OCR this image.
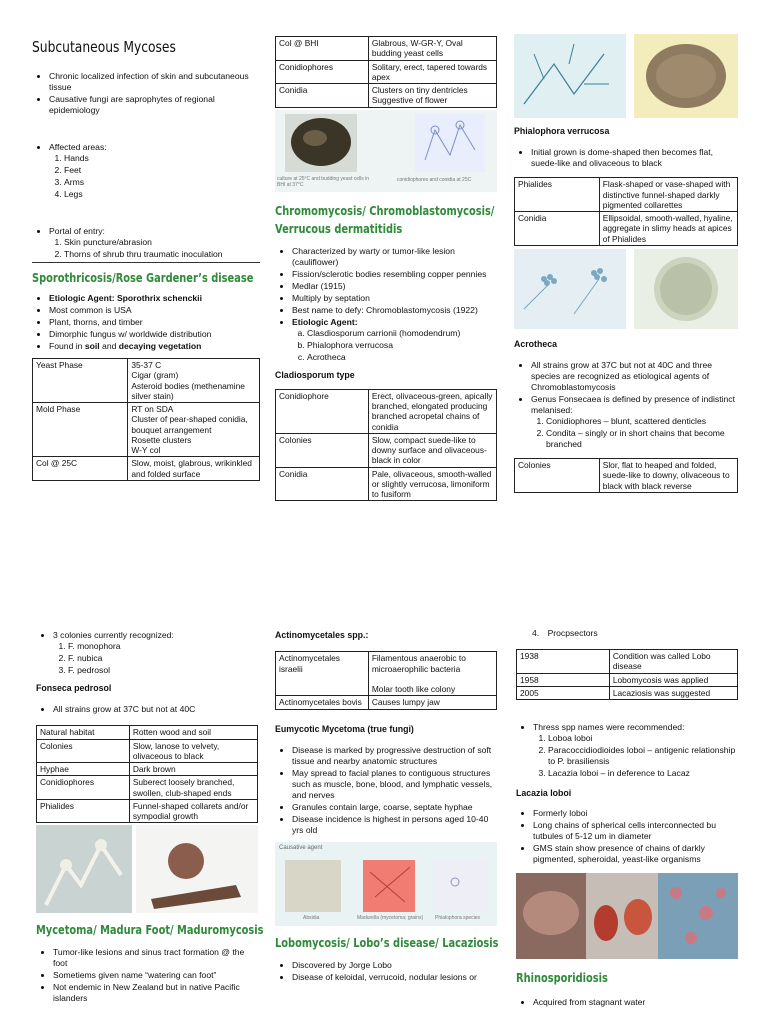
Subcutaneous Mycoses
• Chronic localized infection of skin and subcutaneous tissue
• Causative fungi are saprophytes of regional epidemiology
• Affected areas:
1. Hands
2. Feet
3. Arms
4. Legs
• Portal of entry:
1. Skin puncture/abrasion
2. Thorns of shrub thru traumatic inoculation
Sporothricosis/Rose Gardener’s disease
• Etiologic Agent: Sporothrix schenckii
• Most common is USA
• Plant, thorns, and timber
• Dimorphic fungus w/ worldwide distribution
• Found in soil and decaying vegetation
Yeast Phase	35-37 C
Cigar (gram)
Asteroid bodies (methenamine silver stain)
Mold Phase	RT on SDA
Cluster of pear-shaped conidia, bouquet arrangement
Rosette clusters
W-Y col
Col @ 25C	Slow, moist, glabrous, wrikinkled and folded surface
Col @ BHI	Glabrous, W-GR-Y, Oval budding yeast cells
Conidiophores	Solitary, erect, tapered towards apex
Conidia	Clusters on tiny dentricles
Suggestive of flower
culture at 25°C and budding yeast cells in BHI at 37°C
conidiophores and conidia at 25C
Chromomycosis/ Chromoblastomycosis/
Verrucous dermatitidis
• Characterized by warty or tumor-like lesion (cauliflower)
• Fission/sclerotic bodies resembling copper pennies
• Medlar (1915)
• Multiply by septation
• Best name to defy: Chromoblastomycosis (1922)
• Etiologic Agent:
a. Clasdiosporum carrionii (homodendrum)
b. Phialophora verrucosa
c. Acrotheca

Cladiosporum type

Conidiophore	Erect, olivaceous-green, apically branched, elongated producing branched acropetal chains of conidia
Colonies	Slow, compact suede-like to downy surface and olivaceous-black in color
Conidia	Pale, olivaceous, smooth-walled or slightly verrucosa, limoniform to fusiform

Phialophora verrucosa

• Initial grown is dome-shaped then becomes flat, suede-like and olivaceous to black
Phialides	Flask-shaped or vase-shaped with distinctive funnel-shaped darkly pigmented collarettes
Conidia	Ellipsoidal, smooth-walled, hyaline, aggregate in slimy heads at apices of Phialides

Acrotheca

• All strains grow at 37C but not at 40C and three species are recognized as etiological agents of Chromoblastomycosis
• Genus Fonsecaea is defined by presence of indistinct melanised:
1. Conidiophores – blunt, scattered denticles
2. Condita – singly or in short chains that become branched
Colonies	Slor, flat to heaped and folded, suede-like to downy, olivaceous to black with black reverse
• 3 colonies currently recognized:
1. F. monophora
2. F. nubica
3. F. pedrosol

Fonseca pedrosol

• All strains grow at 37C but not at 40C
Natural habitat	Rotten wood and soil
Colonies	Slow, lanose to velvety, olivaceous to black
Hyphae	Dark brown
Conidiophores	Suberect loosely branched, swollen, club-shaped ends
Phialides	Funnel-shaped collarets and/or sympodial growth
Mycetoma/ Madura Foot/ Maduromycosis
• Tumor-like lesions and sinus tract formation @ the foot
• Sometiems given name “watering can foot”
• Not endemic in New Zealand but in native Pacific islanders

Actinomycetales spp.:

Actinomycetales israelii	Filamentous anaerobic to microaerophilic bacteria

Molar tooth like colony
Actinomycetales bovis	Causes lumpy jaw

Eumycotic Mycetoma (true fungi)

• Disease is marked by progressive destruction of soft tissue and nearby anatomic structures
• May spread to facial planes to contiguous structures such as muscle, bone, blood, and lymphatic vessels, and nerves
• Granules contain large, coarse, septate hyphae
• Disease incidence is highest in persons aged 10-40 yrs old
Causative agent
Absidia	Madurella (mycetoma; grains) Phialophora species
Lobomycosis/ Lobo’s disease/ Lacaziosis
• Discovered by Jorge Lobo
• Disease of keloidal, verrucoid, nodular lesions or
4. Procpsectors
1938	Condition was called Lobo disease
1958	Lobomycosis was applied
2005	Lacaziosis was suggested
• Thress spp names were recommended:
1. Loboa loboi
2. Paracoccidiodioides loboi – antigenic relationship to P. brasiliensis
3. Lacazia loboi – in deference to Lacaz

Lacazia loboi

• Formerly loboi
• Long chains of spherical cells interconnected bu tutbules of 5-12 um in diameter
• GMS stain show presence of chains of darkly pigmented, spheroidal, yeast-like organisms
Rhinosporidiosis
• Acquired from stagnant water
